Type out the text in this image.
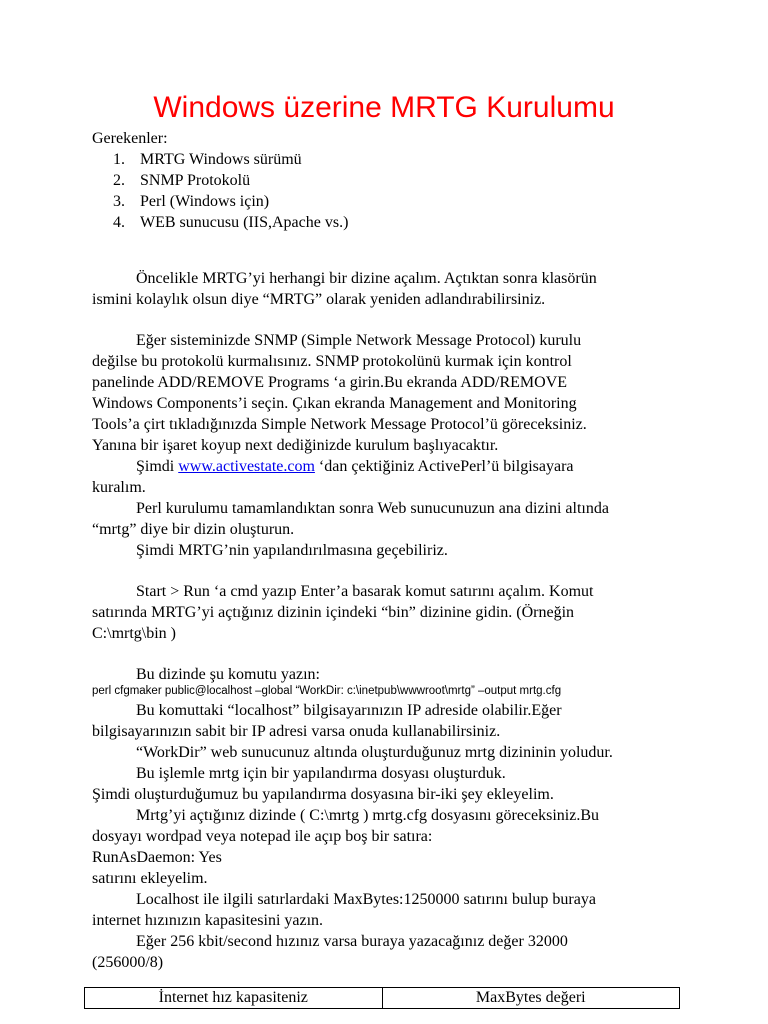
Windows üzerine MRTG Kurulumu

Gerekenler:

1. MRTG Windows sürümü

2. SNMP Protokolü

3. Perl (Windows için)

4. WEB sunucusu (IIS,Apache vs.)

Öncelikle MRTG’yi herhangi bir dizine açalım. Açtıktan sonra klasörün

ismini kolaylık olsun diye “MRTG” olarak yeniden adlandırabilirsiniz.

Eğer sisteminizde SNMP (Simple Network Message Protocol) kurulu

değilse bu protokolü kurmalısınız. SNMP protokolünü kurmak için kontrol

panelinde ADD/REMOVE Programs ‘a girin.Bu ekranda ADD/REMOVE

Windows Components’i seçin. Çıkan ekranda Management and Monitoring

Tools’a çirt tıkladığınızda Simple Network Message Protocol’ü göreceksiniz.

Yanına bir işaret koyup next dediğinizde kurulum başlıyacaktır.

Şimdi www.activestate.com ‘dan çektiğiniz ActivePerl’ü bilgisayara

kuralım.

Perl kurulumu tamamlandıktan sonra Web sunucunuzun ana dizini altında

“mrtg” diye bir dizin oluşturun.

Şimdi MRTG’nin yapılandırılmasına geçebiliriz.

Start > Run ‘a cmd yazıp Enter’a basarak komut satırını açalım. Komut

satırında MRTG’yi açtığınız dizinin içindeki “bin” dizinine gidin. (Örneğin

C:\mrtg\bin )

Bu dizinde şu komutu yazın:

perl cfgmaker public@localhost –global “WorkDir: c:\inetpub\wwwroot\mrtg” –output mrtg.cfg

Bu komuttaki “localhost” bilgisayarınızın IP adreside olabilir.Eğer

bilgisayarınızın sabit bir IP adresi varsa onuda kullanabilirsiniz.

“WorkDir” web sunucunuz altında oluşturduğunuz mrtg dizininin yoludur.

Bu işlemle mrtg için bir yapılandırma dosyası oluşturduk.

Şimdi oluşturduğumuz bu yapılandırma dosyasına bir-iki şey ekleyelim.

Mrtg’yi açtığınız dizinde ( C:\mrtg ) mrtg.cfg dosyasını göreceksiniz.Bu

dosyayı wordpad veya notepad ile açıp boş bir satıra:

RunAsDaemon: Yes

satırını ekleyelim.

Localhost ile ilgili satırlardaki MaxBytes:1250000 satırını bulup buraya

internet hızınızın kapasitesini yazın.

Eğer 256 kbit/second hızınız varsa buraya yazacağınız değer 32000

(256000/8)

İnternet hız kapasiteniz	MaxBytes değeri
